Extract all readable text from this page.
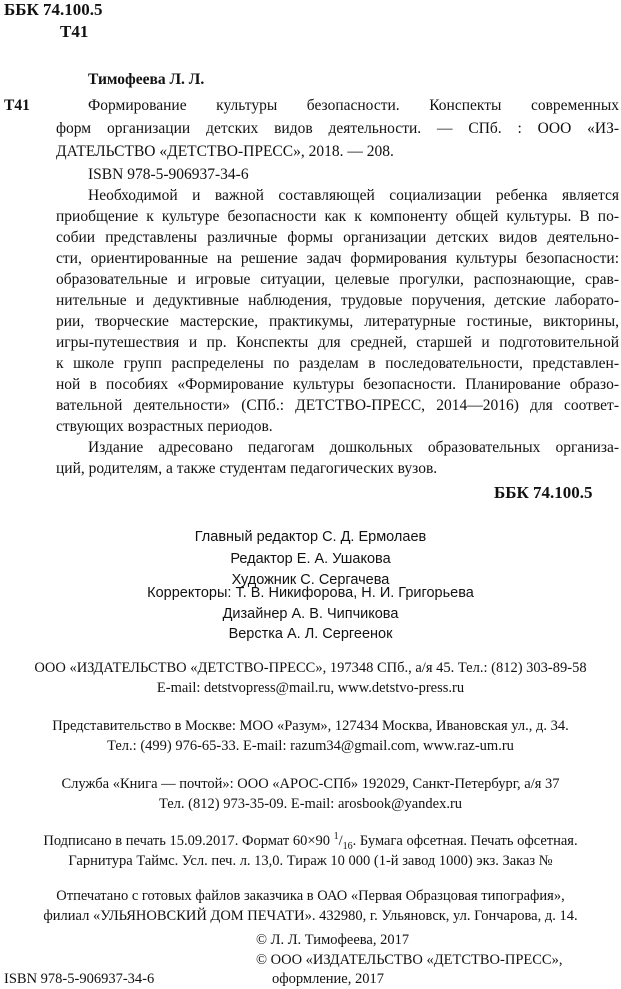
ББК 74.100.5
Т41
Тимофеева Л. Л.
Т41	Формирование культуры безопасности. Конспекты современных
форм организации детских видов деятельности. — СПб. : ООО «ИЗ-
ДАТЕЛЬСТВО «ДЕТСТВО-ПРЕСС», 2018. — 208.
ISBN 978-5-906937-34-6
Необходимой и важной составляющей социализации ребенка является
приобщение к культуре безопасности как к компоненту общей культуры. В по-
собии представлены различные формы организации детских видов деятельно-
сти, ориентированные на решение задач формирования культуры безопасности:
образовательные и игровые ситуации, целевые прогулки, распознающие, срав-
нительные и дедуктивные наблюдения, трудовые поручения, детские лаборато-
рии, творческие мастерские, практикумы, литературные гостиные, викторины,
игры-путешествия и пр. Конспекты для средней, старшей и подготовительной
к школе групп распределены по разделам в последовательности, представлен-
ной в пособиях «Формирование культуры безопасности. Планирование образо-
вательной деятельности» (СПб.: ДЕТСТВО-ПРЕСС, 2014—2016) для соответ-
ствующих возрастных периодов.
Издание адресовано педагогам дошкольных образовательных организа-
ций, родителям, а также студентам педагогических вузов.
ББК 74.100.5
Главный редактор С. Д. Ермолаев
Редактор Е. А. Ушакова
Художник С. Сергачева
Корректоры: Т. В. Никифорова, Н. И. Григорьева
Дизайнер А. В. Чипчикова
Верстка А. Л. Сергеенок
ООО «ИЗДАТЕЛЬСТВО «ДЕТСТВО-ПРЕСС», 197348 СПб., а/я 45. Тел.: (812) 303-89-58
E-mail: detstvopress@mail.ru, www.detstvo-press.ru
Представительство в Москве: МОО «Разум», 127434 Москва, Ивановская ул., д. 34.
Тел.: (499) 976-65-33. E-mail: razum34@gmail.com, www.raz-um.ru
Служба «Книга — почтой»: ООО «АРОС-СПб» 192029, Санкт-Петербург, а/я 37
Тел. (812) 973-35-09. E-mail: arosbook@yandex.ru
Подписано в печать 15.09.2017. Формат 60×90 $^1/_{16}$. Бумага офсетная. Печать офсетная.
Гарнитура Таймс. Усл. печ. л. 13,0. Тираж 10 000 (1-й завод 1000) экз. Заказ №
Отпечатано с готовых файлов заказчика в ОАО «Первая Образцовая типография»,
филиал «УЛЬЯНОВСКИЙ ДОМ ПЕЧАТИ». 432980, г. Ульяновск, ул. Гончарова, д. 14.
© Л. Л. Тимофеева, 2017
© ООО «ИЗДАТЕЛЬСТВО «ДЕТСТВО-ПРЕСС»,
оформление, 2017
ISBN 978-5-906937-34-6
